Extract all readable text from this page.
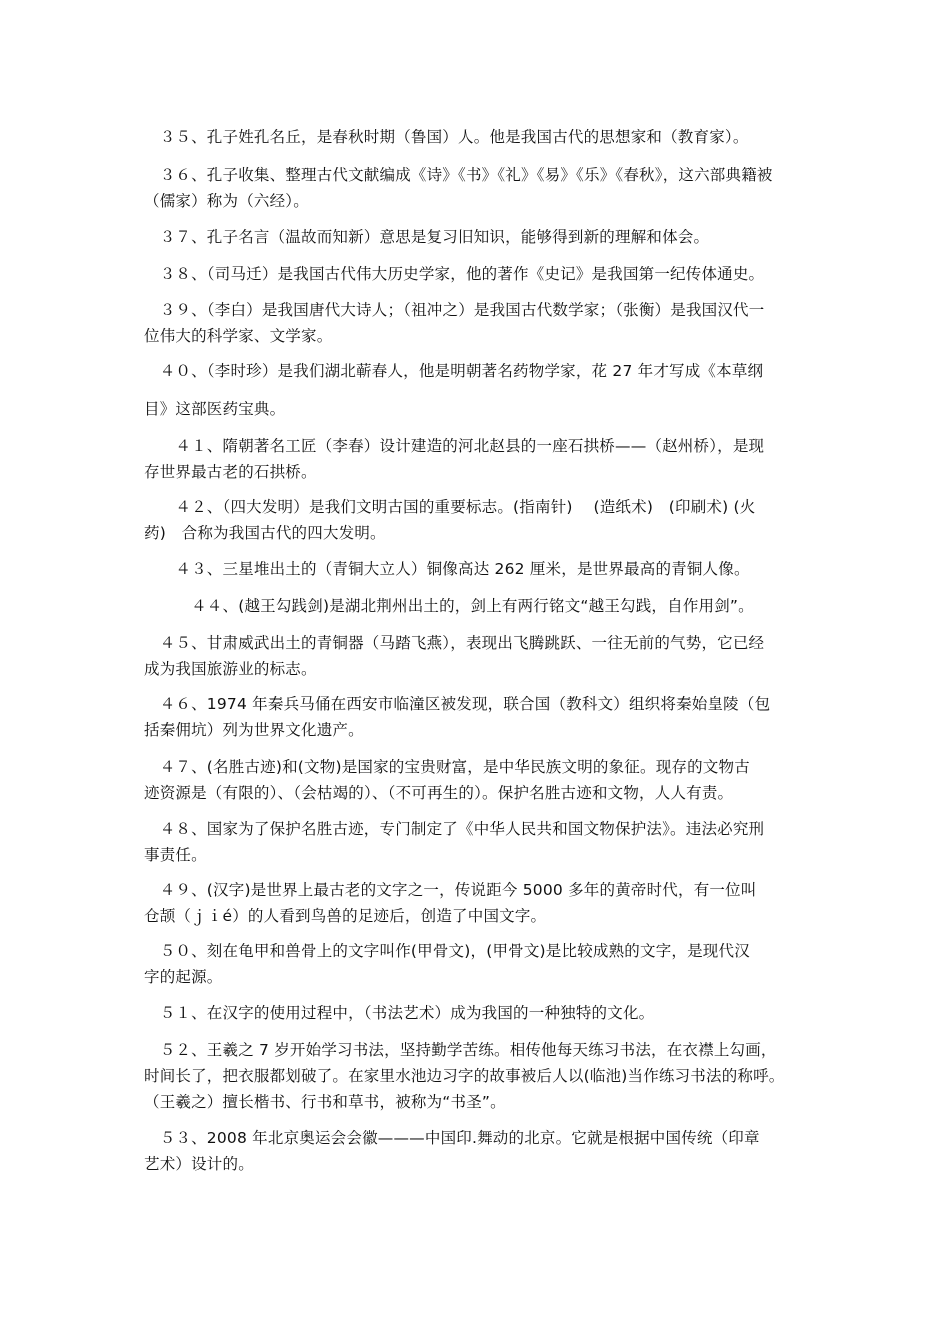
　３５、孔子姓孔名丘，是春秋时期（鲁国）人。他是我国古代的思想家和（教育家）。

　３６、孔子收集、整理古代文献编成《诗》《书》《礼》《易》《乐》《春秋》，这六部典籍被
（儒家）称为（六经）。

　３７、孔子名言（温故而知新）意思是复习旧知识，能够得到新的理解和体会。

　３８、（司马迁）是我国古代伟大历史学家，他的著作《史记》是我国第一纪传体通史。

　３９、（李白）是我国唐代大诗人；（祖冲之）是我国古代数学家；（张衡）是我国汉代一
位伟大的科学家、文学家。

　４０、（李时珍）是我们湖北蕲春人，他是明朝著名药物学家，花 27 年才写成《本草纲

目》这部医药宝典。

　　４１、隋朝著名工匠（李春）设计建造的河北赵县的一座石拱桥——（赵州桥），是现
存世界最古老的石拱桥。

　　４２、（四大发明）是我们文明古国的重要标志。(指南针)　 (造纸术)　(印刷术) (火
药)　合称为我国古代的四大发明。

　　４３、三星堆出土的（青铜大立人）铜像高达 262 厘米，是世界最高的青铜人像。

　　　４４、(越王勾践剑)是湖北荆州出土的，剑上有两行铭文“越王勾践，自作用剑”。

　４５、甘肃威武出土的青铜器（马踏飞燕），表现出飞腾跳跃、一往无前的气势，它已经
成为我国旅游业的标志。

　４６、1974 年秦兵马俑在西安市临潼区被发现，联合国（教科文）组织将秦始皇陵（包
括秦佣坑）列为世界文化遗产。

　４７、(名胜古迹)和(文物)是国家的宝贵财富，是中华民族文明的象征。现存的文物古
迹资源是（有限的）、（会枯竭的）、（不可再生的）。保护名胜古迹和文物，人人有责。

　４８、国家为了保护名胜古迹，专门制定了《中华人民共和国文物保护法》。违法必究刑
事责任。

　４９、(汉字)是世界上最古老的文字之一，传说距今 5000 多年的黄帝时代，有一位叫
仓颉（ｊｉé）的人看到鸟兽的足迹后，创造了中国文字。

　５０、刻在龟甲和兽骨上的文字叫作(甲骨文)，(甲骨文)是比较成熟的文字，是现代汉
字的起源。

　５１、在汉字的使用过程中，（书法艺术）成为我国的一种独特的文化。

　５２、王羲之 7 岁开始学习书法，坚持勤学苦练。相传他每天练习书法，在衣襟上勾画，
时间长了，把衣服都划破了。在家里水池边习字的故事被后人以(临池)当作练习书法的称呼。
（王羲之）擅长楷书、行书和草书，被称为“书圣”。

　５３、2008 年北京奥运会会徽———中国印.舞动的北京。它就是根据中国传统（印章
艺术）设计的。
